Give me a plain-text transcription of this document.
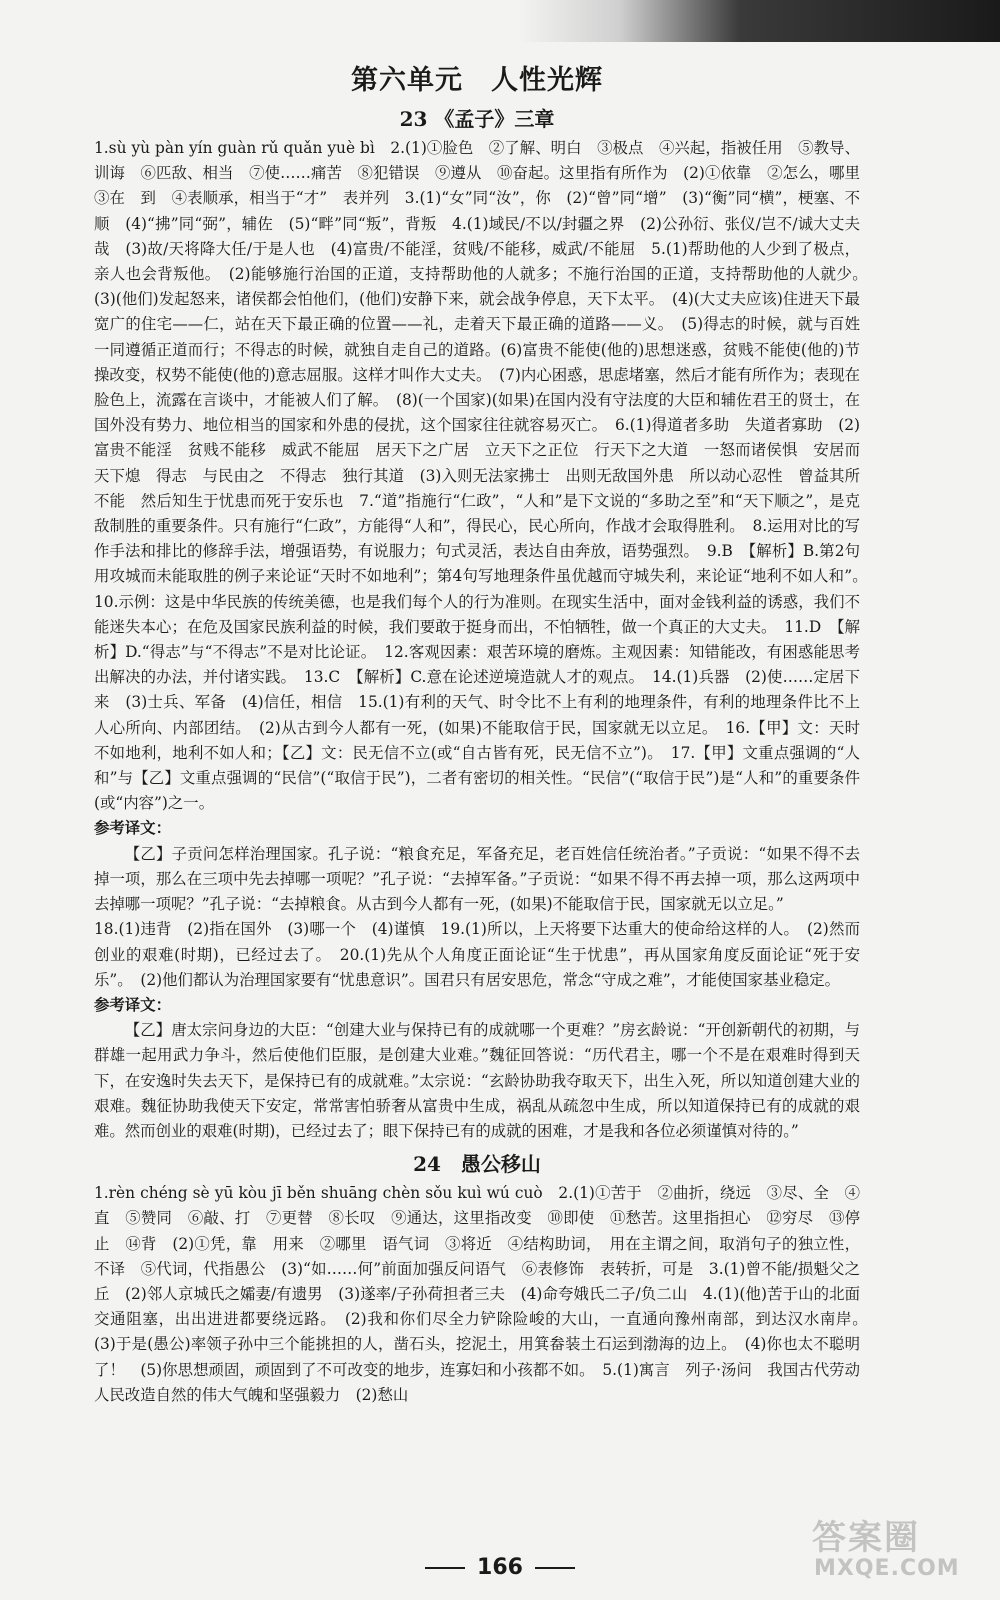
第六单元　人性光辉
23 《孟子》三章

1.sù yù pàn yín guàn rǔ quǎn yuè bì　2.(1)①脸色　②了解、明白　③极点　④兴起，指被任用　⑤教导、训诲　⑥匹敌、相当　⑦使……痛苦　⑧犯错误　⑨遵从　⑩奋起。这里指有所作为　(2)①依靠　②怎么，哪里　③在　到　④表顺承，相当于“才”　表并列　3.(1)“女”同“汝”，你　(2)“曾”同“增”　(3)“衡”同“横”，梗塞、不顺　(4)“拂”同“弼”，辅佐　(5)“畔”同“叛”，背叛　4.(1)域民/不以/封疆之界　(2)公孙衍、张仪/岂不/诚大丈夫哉　(3)故/天将降大任/于是人也　(4)富贵/不能淫，贫贱/不能移，威武/不能屈　5.(1)帮助他的人少到了极点，亲人也会背叛他。　(2)能够施行治国的正道，支持帮助他的人就多；不施行治国的正道，支持帮助他的人就少。　(3)(他们)发起怒来，诸侯都会怕他们，(他们)安静下来，就会战争停息，天下太平。　(4)(大丈夫应该)住进天下最宽广的住宅——仁，站在天下最正确的位置——礼，走着天下最正确的道路——义。　(5)得志的时候，就与百姓一同遵循正道而行；不得志的时候，就独自走自己的道路。(6)富贵不能使(他的)思想迷惑，贫贱不能使(他的)节操改变，权势不能使(他的)意志屈服。这样才叫作大丈夫。　(7)内心困惑，思虑堵塞，然后才能有所作为；表现在脸色上，流露在言谈中，才能被人们了解。　(8)(一个国家)(如果)在国内没有守法度的大臣和辅佐君王的贤士，在国外没有势力、地位相当的国家和外患的侵扰，这个国家往往就容易灭亡。　6.(1)得道者多助　失道者寡助　(2)富贵不能淫　贫贱不能移　威武不能屈　居天下之广居　立天下之正位　行天下之大道　一怒而诸侯惧　安居而天下熄　得志　与民由之　不得志　独行其道　(3)入则无法家拂士　出则无敌国外患　所以动心忍性　曾益其所不能　然后知生于忧患而死于安乐也　7.“道”指施行“仁政”，“人和”是下文说的“多助之至”和“天下顺之”，是克敌制胜的重要条件。只有施行“仁政”，方能得“人和”，得民心，民心所向，作战才会取得胜利。　8.运用对比的写作手法和排比的修辞手法，增强语势，有说服力；句式灵活，表达自由奔放，语势强烈。　9.B　【解析】B.第2句用攻城而未能取胜的例子来论证“天时不如地利”；第4句写地理条件虽优越而守城失利，来论证“地利不如人和”。　10.示例：这是中华民族的传统美德，也是我们每个人的行为准则。在现实生活中，面对金钱利益的诱惑，我们不能迷失本心；在危及国家民族利益的时候，我们要敢于挺身而出，不怕牺牲，做一个真正的大丈夫。　11.D　【解析】D.“得志”与“不得志”不是对比论证。　12.客观因素：艰苦环境的磨炼。主观因素：知错能改，有困惑能思考出解决的办法，并付诸实践。　13.C　【解析】C.意在论述逆境造就人才的观点。　14.(1)兵器　(2)使……定居下来　(3)士兵、军备　(4)信任，相信　15.(1)有利的天气、时令比不上有利的地理条件，有利的地理条件比不上人心所向、内部团结。　(2)从古到今人都有一死，(如果)不能取信于民，国家就无以立足。　16.【甲】文：天时不如地利，地利不如人和；【乙】文：民无信不立(或“自古皆有死，民无信不立”)。　17.【甲】文重点强调的“人和”与【乙】文重点强调的“民信”(“取信于民”)，二者有密切的相关性。“民信”(“取信于民”)是“人和”的重要条件(或“内容”)之一。

参考译文：

【乙】子贡问怎样治理国家。孔子说：“粮食充足，军备充足，老百姓信任统治者。”子贡说：“如果不得不去掉一项，那么在三项中先去掉哪一项呢？”孔子说：“去掉军备。”子贡说：“如果不得不再去掉一项，那么这两项中去掉哪一项呢？”孔子说：“去掉粮食。从古到今人都有一死，(如果)不能取信于民，国家就无以立足。”

18.(1)违背　(2)指在国外　(3)哪一个　(4)谨慎　19.(1)所以，上天将要下达重大的使命给这样的人。　(2)然而创业的艰难(时期)，已经过去了。　20.(1)先从个人角度正面论证“生于忧患”，再从国家角度反面论证“死于安乐”。　(2)他们都认为治理国家要有“忧患意识”。国君只有居安思危，常念“守成之难”，才能使国家基业稳定。

参考译文：

【乙】唐太宗问身边的大臣：“创建大业与保持已有的成就哪一个更难？”房玄龄说：“开创新朝代的初期，与群雄一起用武力争斗，然后使他们臣服，是创建大业难。”魏征回答说：“历代君主，哪一个不是在艰难时得到天下，在安逸时失去天下，是保持已有的成就难。”太宗说：“玄龄协助我夺取天下，出生入死，所以知道创建大业的艰难。魏征协助我使天下安定，常常害怕骄奢从富贵中生成，祸乱从疏忽中生成，所以知道保持已有的成就的艰难。然而创业的艰难(时期)，已经过去了；眼下保持已有的成就的困难，才是我和各位必须谨慎对待的。”

24　愚公移山

1.rèn chéng sè yū kòu jī běn shuāng chèn sǒu kuì wú cuò　2.(1)①苦于　②曲折，绕远　③尽、全　④直　⑤赞同　⑥敲、打　⑦更替　⑧长叹　⑨通达，这里指改变　⑩即使　⑪愁苦。这里指担心　⑫穷尽　⑬停止　⑭背　(2)①凭，靠　用来　②哪里　语气词　③将近　④结构助词，　用在主谓之间，取消句子的独立性，不译　⑤代词，代指愚公　(3)“如……何”前面加强反问语气　⑥表修饰　表转折，可是　3.(1)曾不能/损魁父之丘　(2)邻人京城氏之孀妻/有遗男　(3)遂率/子孙荷担者三夫　(4)命夸娥氏二子/负二山　4.(1)(他)苦于山的北面交通阻塞，出出进进都要绕远路。　(2)我和你们尽全力铲除险峻的大山，一直通向豫州南部，到达汉水南岸。　(3)于是(愚公)率领子孙中三个能挑担的人，凿石头，挖泥土，用箕畚装土石运到渤海的边上。　(4)你也太不聪明了！　(5)你思想顽固，顽固到了不可改变的地步，连寡妇和小孩都不如。　5.(1)寓言　列子·汤问　我国古代劳动人民改造自然的伟大气魄和坚强毅力　(2)愁山

166
答案圈
MXQE.COM
